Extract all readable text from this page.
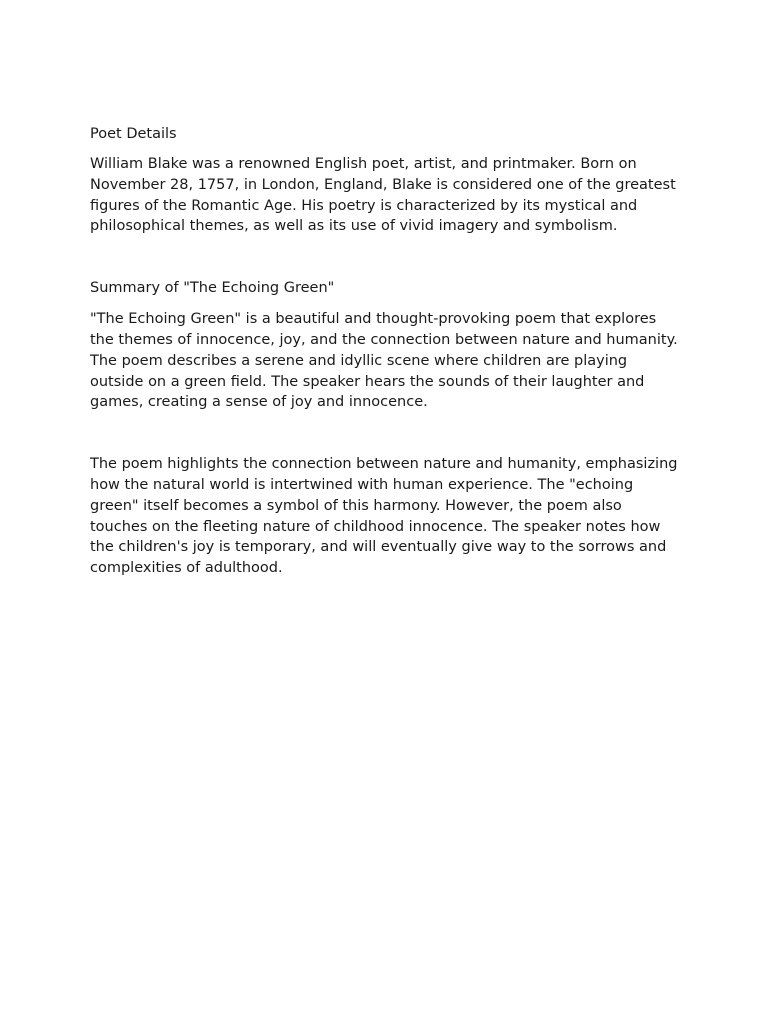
Poet Details

William Blake was a renowned English poet, artist, and printmaker. Born on November 28, 1757, in London, England, Blake is considered one of the greatest figures of the Romantic Age. His poetry is characterized by its mystical and philosophical themes, as well as its use of vivid imagery and symbolism.

Summary of "The Echoing Green"

"The Echoing Green" is a beautiful and thought-provoking poem that explores the themes of innocence, joy, and the connection between nature and humanity. The poem describes a serene and idyllic scene where children are playing outside on a green field. The speaker hears the sounds of their laughter and games, creating a sense of joy and innocence.

The poem highlights the connection between nature and humanity, emphasizing how the natural world is intertwined with human experience. The "echoing green" itself becomes a symbol of this harmony. However, the poem also touches on the fleeting nature of childhood innocence. The speaker notes how the children's joy is temporary, and will eventually give way to the sorrows and complexities of adulthood.
